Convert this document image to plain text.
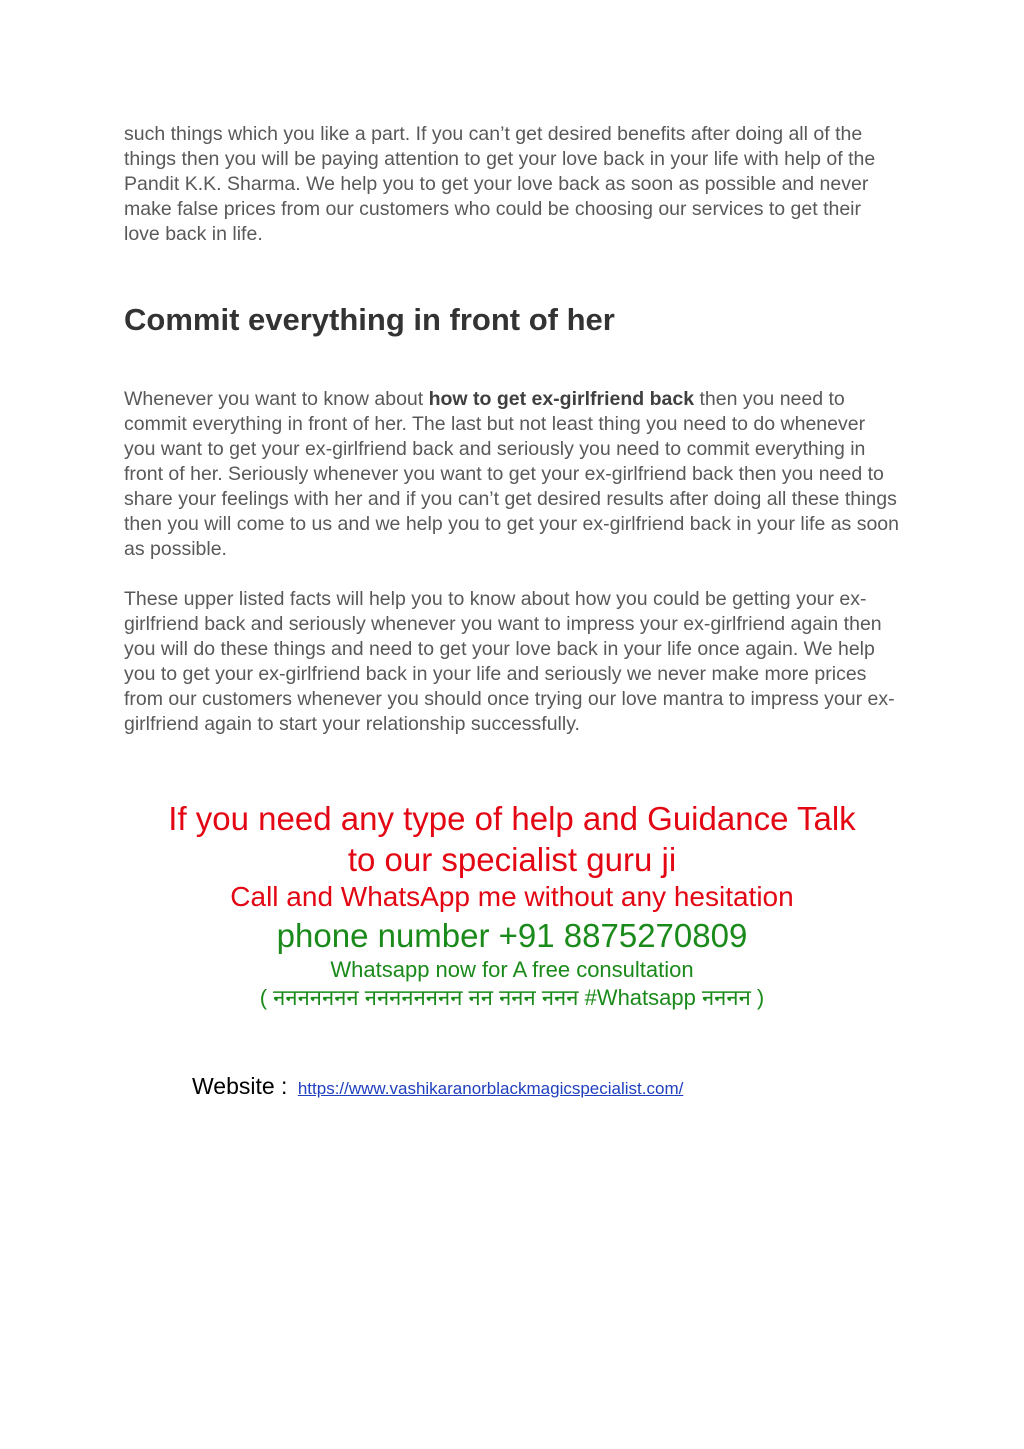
such things which you like a part. If you can’t get desired benefits after doing all of the things then you will be paying attention to get your love back in your life with help of the Pandit K.K. Sharma. We help you to get your love back as soon as possible and never make false prices from our customers who could be choosing our services to get their love back in life.

Commit everything in front of her

Whenever you want to know about how to get ex-girlfriend back then you need to commit everything in front of her. The last but not least thing you need to do whenever you want to get your ex-girlfriend back and seriously you need to commit everything in front of her. Seriously whenever you want to get your ex-girlfriend back then you need to share your feelings with her and if you can’t get desired results after doing all these things then you will come to us and we help you to get your ex-girlfriend back in your life as soon as possible.

These upper listed facts will help you to know about how you could be getting your ex-girlfriend back and seriously whenever you want to impress your ex-girlfriend again then you will do these things and need to get your love back in your life once again. We help you to get your ex-girlfriend back in your life and seriously we never make more prices from our customers whenever you should once trying our love mantra to impress your ex-girlfriend again to start your relationship successfully.

If you need any type of help and Guidance Talk
to our specialist guru ji
Call and WhatsApp me without any hesitation
phone number +91 8875270809
Whatsapp now for A free consultation
( ननननननन नननननननन नन ननन ननन #Whatsapp नननन )
Website : https://www.vashikaranorblackmagicspecialist.com/
